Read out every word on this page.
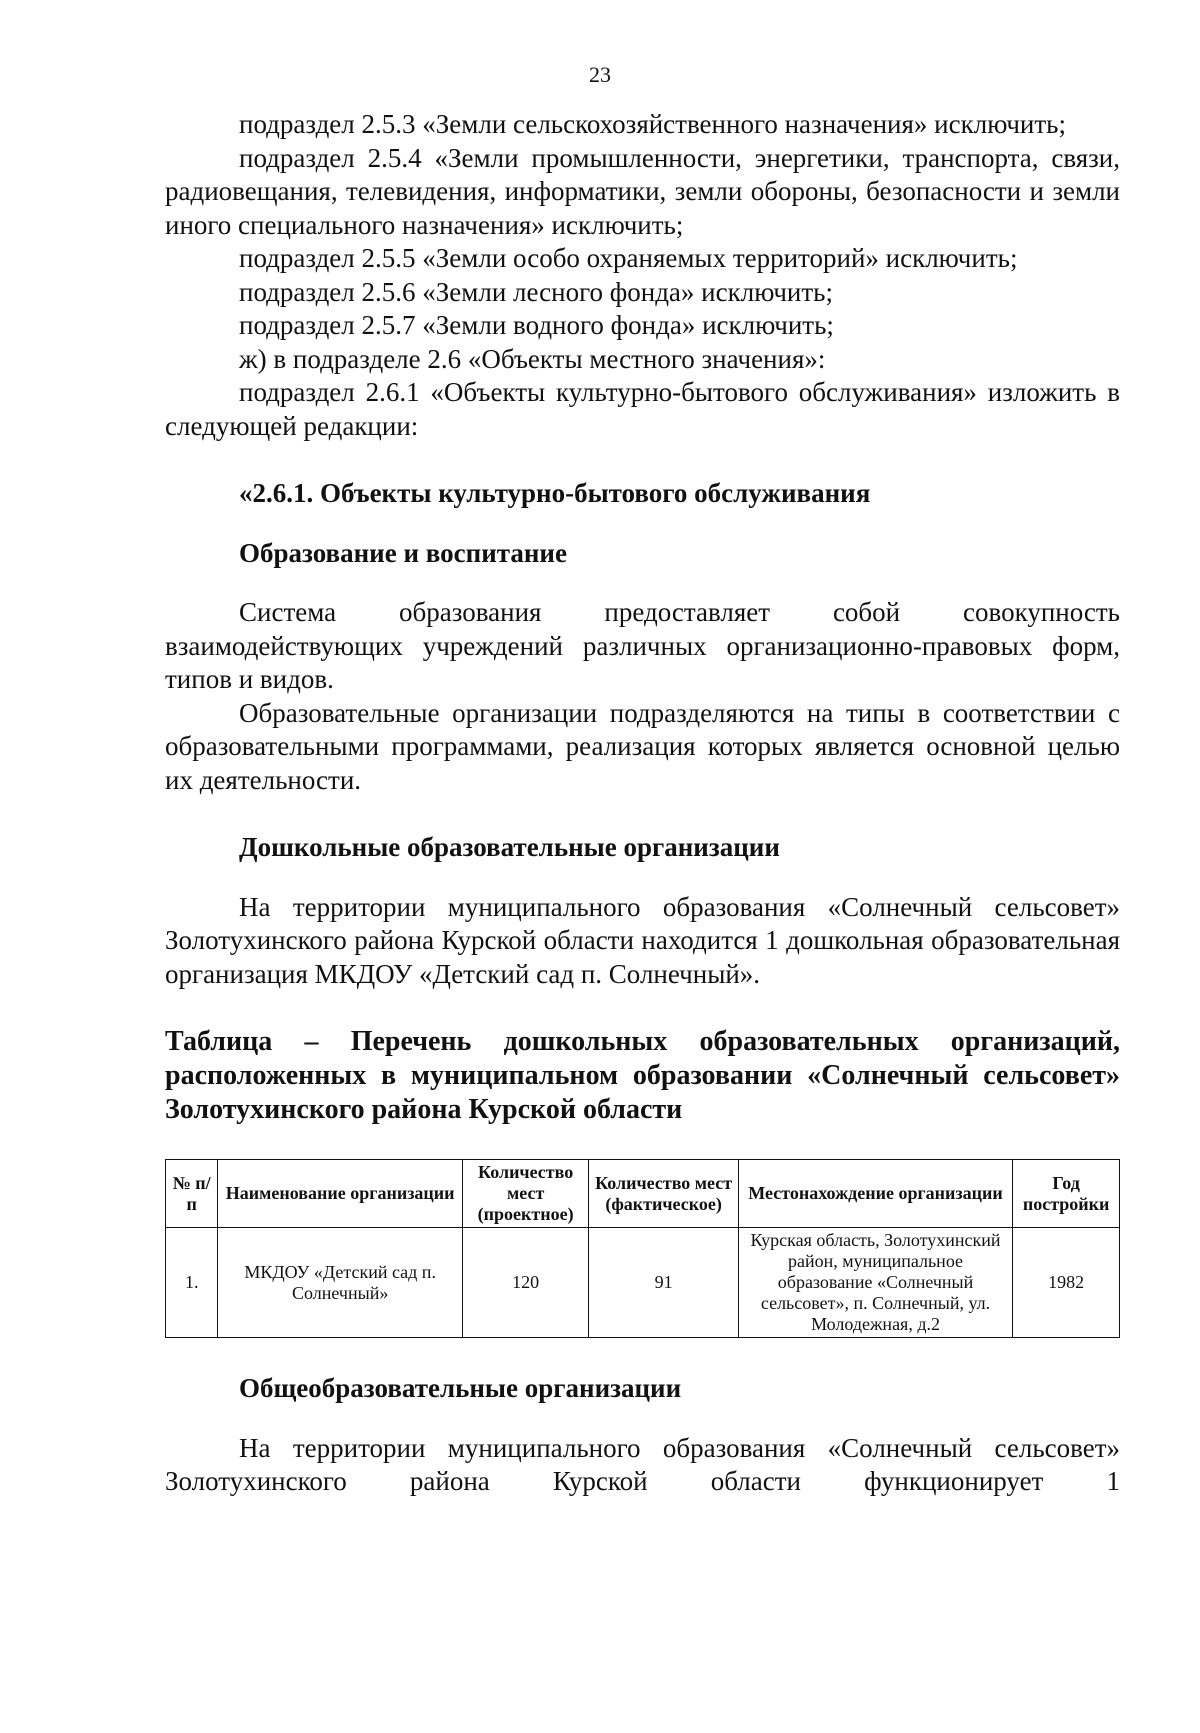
23

подраздел 2.5.3 «Земли сельскохозяйственного назначения» исключить;

подраздел 2.5.4 «Земли промышленности, энергетики, транспорта, связи, радиовещания, телевидения, информатики, земли обороны, безопасности и земли иного специального назначения» исключить;

подраздел 2.5.5 «Земли особо охраняемых территорий» исключить;

подраздел 2.5.6 «Земли лесного фонда» исключить;

подраздел 2.5.7 «Земли водного фонда» исключить;

ж) в подразделе 2.6 «Объекты местного значения»:

подраздел 2.6.1 «Объекты культурно-бытового обслуживания» изложить в следующей редакции:

«2.6.1. Объекты культурно-бытового обслуживания

Образование и воспитание

Система образования предоставляет собой совокупность взаимодействующих учреждений различных организационно-правовых форм, типов и видов.

Образовательные организации подразделяются на типы в соответствии с образовательными программами, реализация которых является основной целью их деятельности.

Дошкольные образовательные организации

На территории муниципального образования «Солнечный сельсовет» Золотухинского района Курской области находится 1 дошкольная образовательная организация МКДОУ «Детский сад п. Солнечный».

Таблица – Перечень дошкольных образовательных организаций, расположенных в муниципальном образовании «Солнечный сельсовет» Золотухинского района Курской области

№ п/п	Наименование организации	Количество мест (проектное)	Количество мест (фактическое)	Местонахождение организации	Год постройки
1.	МКДОУ «Детский сад п. Солнечный»	120	91	Курская область, Золотухинский район, муниципальное образование «Солнечный сельсовет», п. Солнечный, ул. Молодежная, д.2	1982

Общеобразовательные организации

На территории муниципального образования «Солнечный сельсовет» Золотухинского района Курской области функционирует 1
